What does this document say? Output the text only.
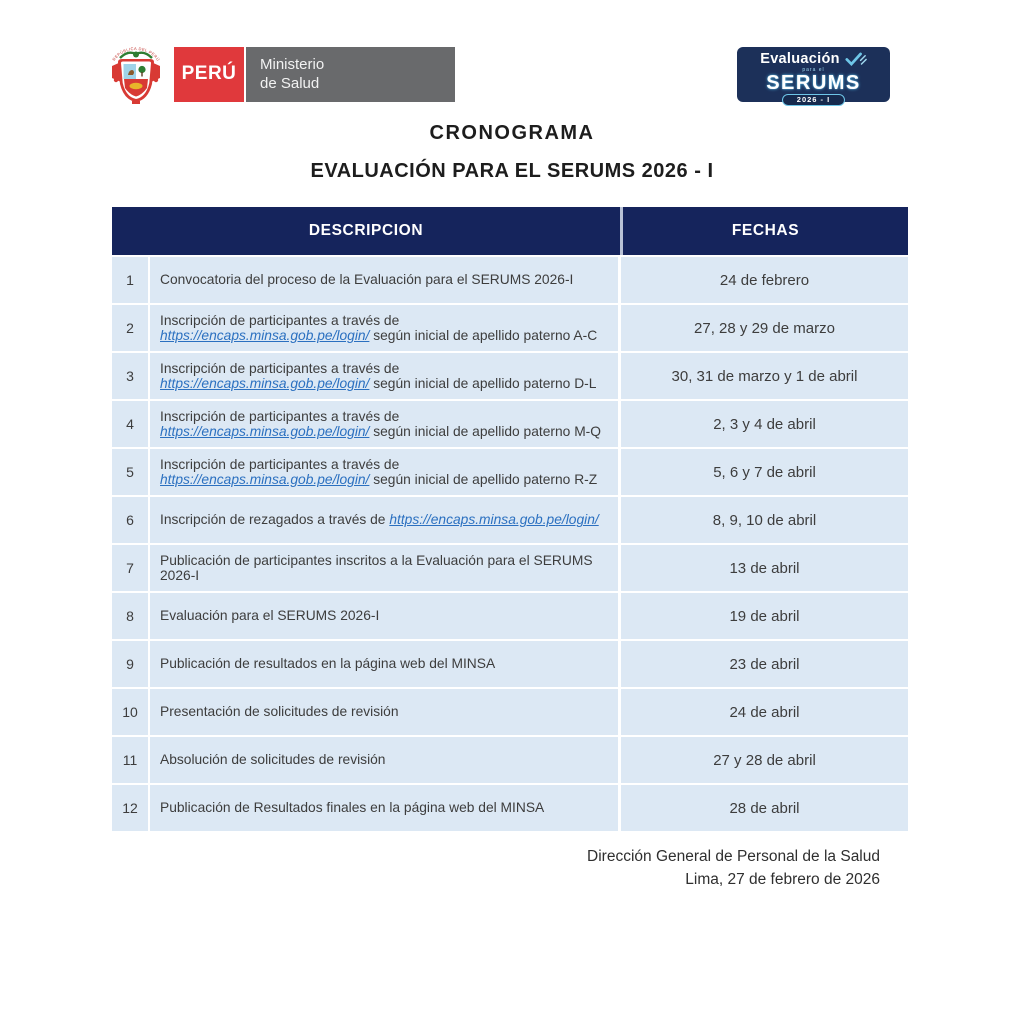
REPÚBLICA DEL PERÚ
PERÚ	Ministerio
de Salud
Evaluación
para el
SERUMS
2026 - I
CRONOGRAMA
EVALUACIÓN PARA EL SERUMS 2026 - I
DESCRIPCION	FECHAS
1	Convocatoria del proceso de la Evaluación para el SERUMS 2026-I	24 de febrero
2	Inscripción de participantes a través de https://encaps.minsa.gob.pe/login/ según inicial de apellido paterno A-C	27, 28 y 29 de marzo
3	Inscripción de participantes a través de https://encaps.minsa.gob.pe/login/ según inicial de apellido paterno D-L	30, 31 de marzo y 1 de abril
4	Inscripción de participantes a través de https://encaps.minsa.gob.pe/login/ según inicial de apellido paterno M-Q	2, 3 y 4 de abril
5	Inscripción de participantes a través de https://encaps.minsa.gob.pe/login/ según inicial de apellido paterno R-Z	5, 6 y 7 de abril
6	Inscripción de rezagados a través de https://encaps.minsa.gob.pe/login/	8, 9, 10 de abril
7	Publicación de participantes inscritos a la Evaluación para el SERUMS 2026-I	13 de abril
8	Evaluación para el SERUMS 2026-I	19 de abril
9	Publicación de resultados en la página web del MINSA	23 de abril
10	Presentación de solicitudes de revisión	24 de abril
11	Absolución de solicitudes de revisión	27 y 28 de abril
12	Publicación de Resultados finales en la página web del MINSA	28 de abril
Dirección General de Personal de la Salud
Lima, 27 de febrero de 2026
